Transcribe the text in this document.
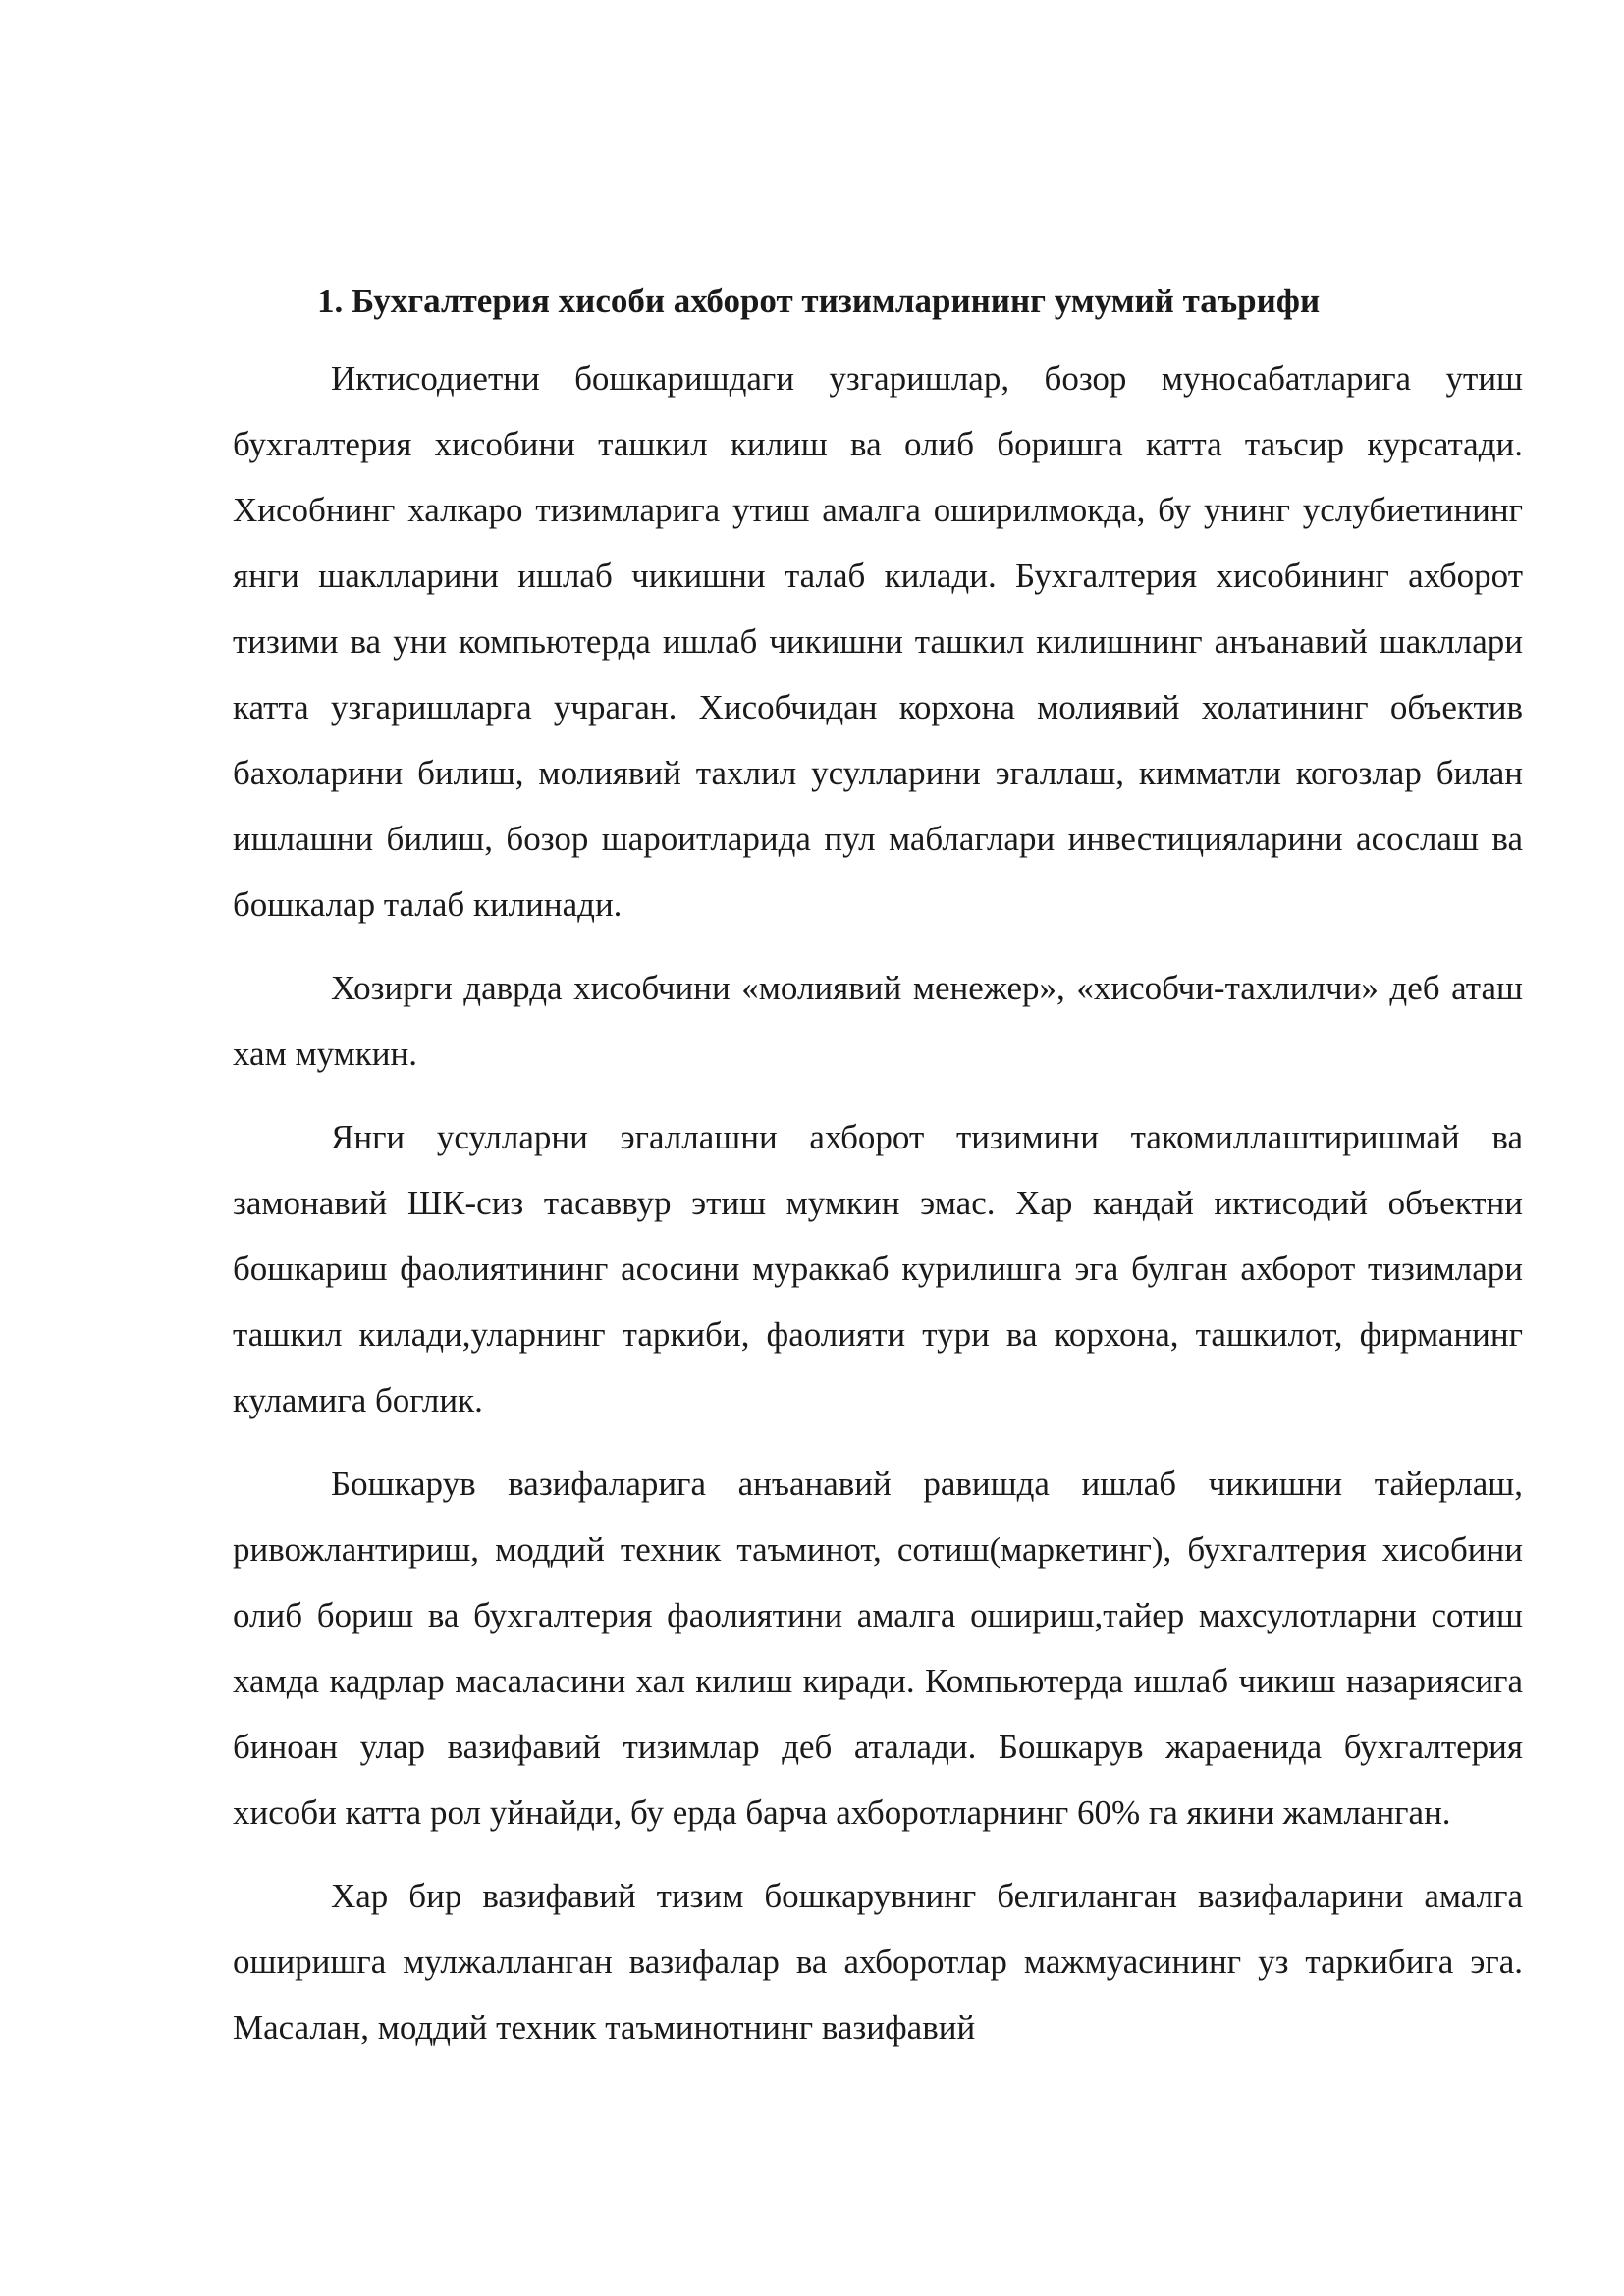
1. Бухгалтерия хисоби ахборот тизимларининг умумий таърифи

Иктисодиетни бошкаришдаги узгаришлар, бозор муносабатларига утиш бухгалтерия хисобини ташкил килиш ва олиб боришга катта таъсир курсатади. Хисобнинг халкаро тизимларига утиш амалга оширилмокда, бу унинг услубиетининг янги шаклларини ишлаб чикишни талаб килади. Бухгалтерия хисобининг ахборот тизими ва уни компьютерда ишлаб чикишни ташкил килишнинг анъанавий шакллари катта узгаришларга учраган. Хисобчидан корхона молиявий холатининг объектив бахоларини билиш, молиявий тахлил усулларини эгаллаш, кимматли когозлар билан ишлашни билиш, бозор шароитларида пул маблаглари инвестицияларини асослаш ва бошкалар талаб килинади.

Хозирги даврда хисобчини «молиявий менежер», «хисобчи-тахлилчи» деб аташ хам мумкин.

Янги усулларни эгаллашни ахборот тизимини такомиллаштиришмай ва замонавий ШК-сиз тасаввур этиш мумкин эмас. Хар кандай иктисодий объектни бошкариш фаолиятининг асосини мураккаб курилишга эга булган ахборот тизимлари ташкил килади,уларнинг таркиби, фаолияти тури ва корхона, ташкилот, фирманинг куламига боглик.

Бошкарув вазифаларига анъанавий равишда ишлаб чикишни тайерлаш, ривожлантириш, моддий техник таъминот, сотиш(маркетинг), бухгалтерия хисобини олиб бориш ва бухгалтерия фаолиятини амалга ошириш,тайер махсулотларни сотиш хамда кадрлар масаласини хал килиш киради. Компьютерда ишлаб чикиш назариясига биноан улар вазифавий тизимлар деб аталади. Бошкарув жараенида бухгалтерия хисоби катта рол уйнайди, бу ерда барча ахборотларнинг 60% га якини жамланган.

Хар бир вазифавий тизим бошкарувнинг белгиланган вазифаларини амалга оширишга мулжалланган вазифалар ва ахборотлар мажмуасининг уз таркибига эга. Масалан, моддий техник таъминотнинг вазифавий
